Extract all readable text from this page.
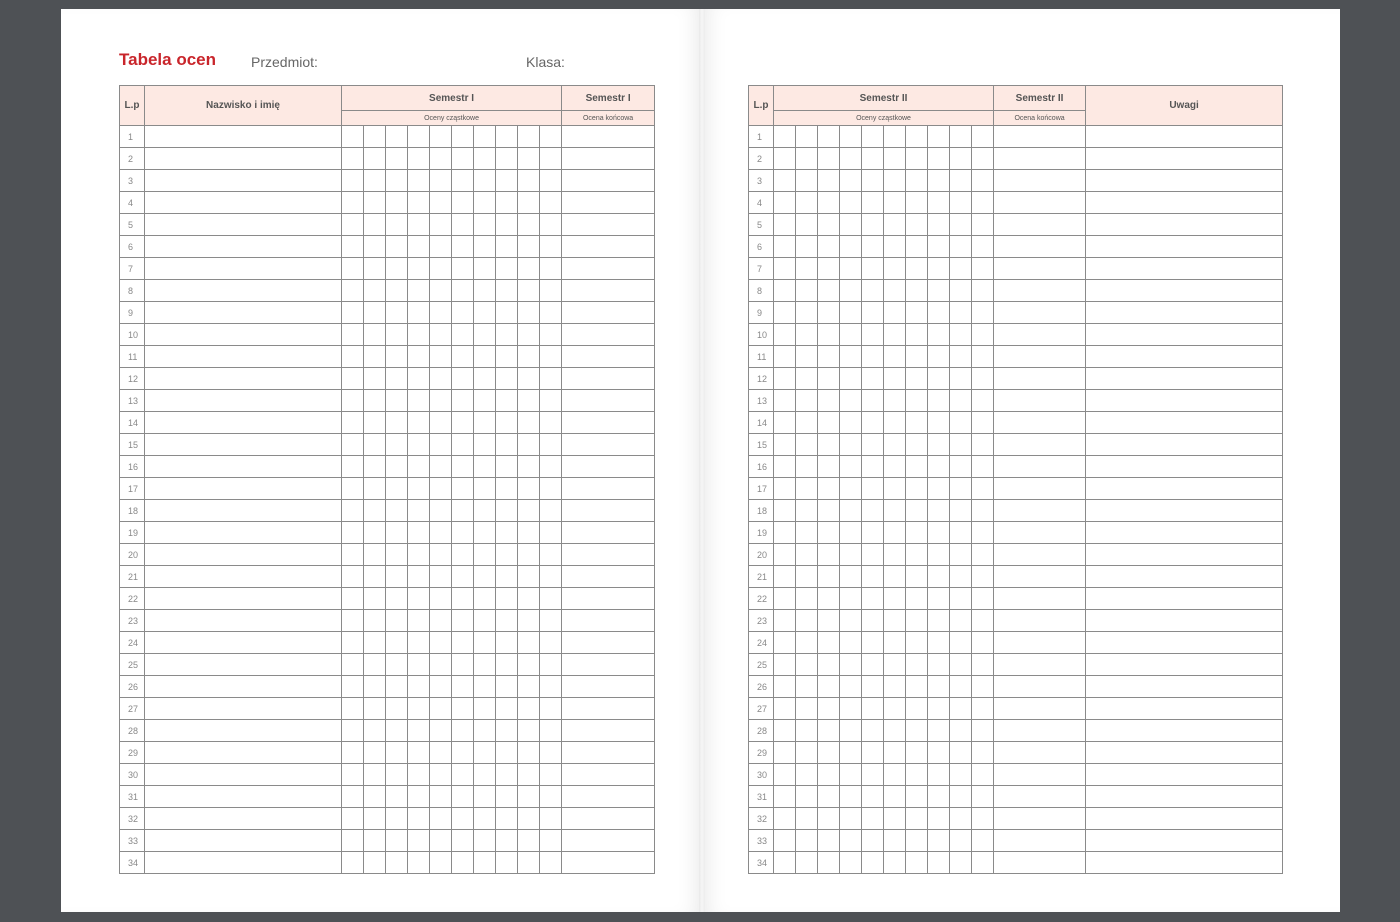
Tabela ocen	Przedmiot:	Klasa:
L.p	Nazwisko i imię	Semestr I										Semestr I
		Oceny cząstkowe										Ocena końcowa
1												
2												
3												
4												
5												
6												
7												
8												
9												
10												
11												
12												
13												
14												
15												
16												
17												
18												
19												
20												
21												
22												
23												
24												
25												
26												
27												
28												
29												
30												
31												
32												
33												
34												
L.p	Semestr II										Semestr II	Uwagi
	Oceny cząstkowe										Ocena końcowa	
1												
2												
3												
4												
5												
6												
7												
8												
9												
10												
11												
12												
13												
14												
15												
16												
17												
18												
19												
20												
21												
22												
23												
24												
25												
26												
27												
28												
29												
30												
31												
32												
33												
34												
